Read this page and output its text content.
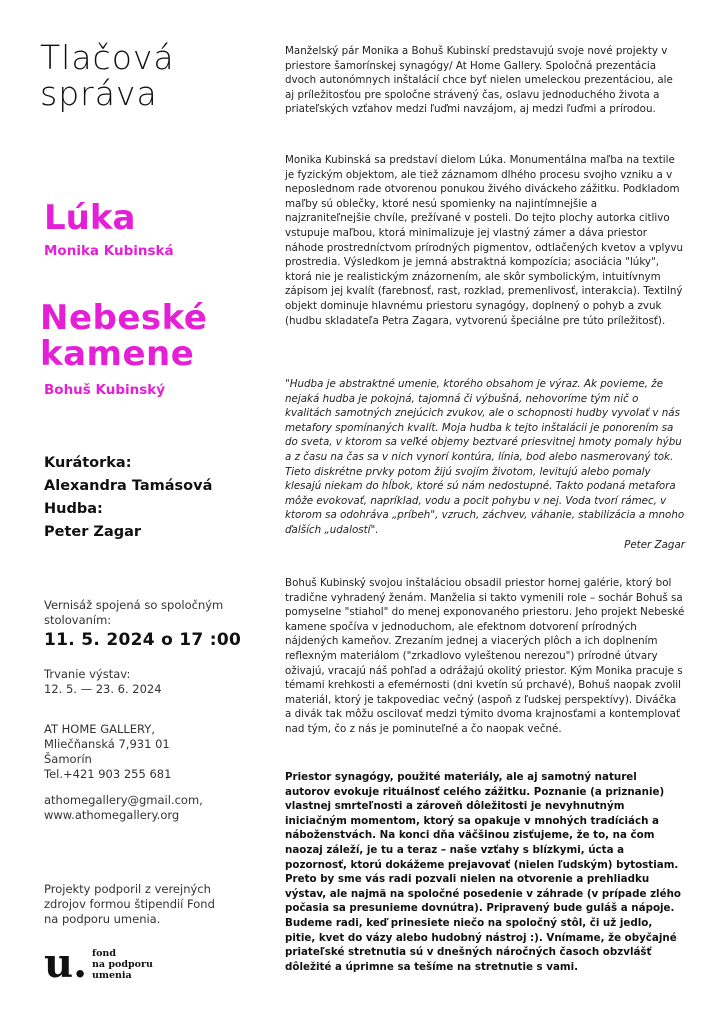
Tlačová správa
Lúka
Monika Kubinská
Nebeské kamene
Bohuš Kubinský
Kurátorka:
Alexandra Tamásová
Hudba:
Peter Zagar
Vernisáž spojená so spoločným stolovaním:
11. 5. 2024 o 17 :00
Trvanie výstav:
12. 5. — 23. 6. 2024
AT HOME GALLERY,
Mliečňanská 7,931 01
Šamorín
Tel.+421 903 255 681
athomegallery@gmail.com,
www.athomegallery.org
Projekty podporil z verejných zdrojov formou štipendií Fond na podporu umenia.
u. fond
na podporu
umenia

Manželský pár Monika a Bohuš Kubinskí predstavujú svoje nové projekty v priestore šamorínskej synagógy/ At Home Gallery. Spoločná prezentácia dvoch autonómnych inštalácií chce byť nielen umeleckou prezentáciou, ale aj príležitosťou pre spoločne strávený čas, oslavu jednoduchého života a priateľských vzťahov medzi ľuďmi navzájom, aj medzi ľuďmi a prírodou.

Monika Kubinská sa predstaví dielom Lúka. Monumentálna maľba na textile je fyzickým objektom, ale tiež záznamom dlhého procesu svojho vzniku a v neposlednom rade otvorenou ponukou živého diváckeho zážitku. Podkladom maľby sú oblečky, ktoré nesú spomienky na najintímnejšie a najzraniteľnejšie chvíle, prežívané v posteli. Do tejto plochy autorka citlivo vstupuje maľbou, ktorá minimalizuje jej vlastný zámer a dáva priestor náhode prostredníctvom prírodných pigmentov, odtlačených kvetov a vplyvu prostredia. Výsledkom je jemná abstraktná kompozícia; asociácia "lúky", ktorá nie je realistickým znázornením, ale skôr symbolickým, intuitívnym zápisom jej kvalít (farebnosť, rast, rozklad, premenlivosť, interakcia). Textilný objekt dominuje hlavnému priestoru synagógy, doplnený o pohyb a zvuk (hudbu skladateľa Petra Zagara, vytvorenú špeciálne pre túto príležitosť).

"Hudba je abstraktné umenie, ktorého obsahom je výraz. Ak povieme, že nejaká hudba je pokojná, tajomná či výbušná, nehovoríme tým nič o kvalitách samotných znejúcich zvukov, ale o schopnosti hudby vyvolať v nás metafory spomínaných kvalít. Moja hudba k tejto inštalácii je ponorením sa do sveta, v ktorom sa veľké objemy beztvaré priesvitnej hmoty pomaly hýbu a z času na čas sa v nich vynorí kontúra, línia, bod alebo nasmerovaný tok. Tieto diskrétne prvky potom žijú svojím životom, levitujú alebo pomaly klesajú niekam do hĺbok, ktoré sú nám nedostupné. Takto podaná metafora môže evokovať, napríklad, vodu a pocit pohybu v nej. Voda tvorí rámec, v ktorom sa odohráva „príbeh", vzruch, záchvev, váhanie, stabilizácia a mnoho ďalších „udalostí".
Peter Zagar

Bohuš Kubinský svojou inštaláciou obsadil priestor hornej galérie, ktorý bol tradične vyhradený ženám. Manželia si takto vymenili role – sochár Bohuš sa pomyselne "stiahol" do menej exponovaného priestoru. Jeho projekt Nebeské kamene spočíva v jednoduchom, ale efektnom dotvorení prírodných nájdených kameňov. Zrezaním jednej a viacerých plôch a ich doplnením reflexným materiálom ("zrkadlovo vyleštenou nerezou") prírodné útvary oživajú, vracajú náš pohľad a odrážajú okolitý priestor. Kým Monika pracuje s témami krehkosti a efemérnosti (dni kvetín sú prchavé), Bohuš naopak zvolil materiál, ktorý je takpovediac večný (aspoň z ľudskej perspektívy). Diváčka a divák tak môžu oscilovať medzi týmito dvoma krajnosťami a kontemplovať nad tým, čo z nás je pominuteľné a čo naopak večné.

Priestor synagógy, použité materiály, ale aj samotný naturel autorov evokuje rituálnosť celého zážitku. Poznanie (a priznanie) vlastnej smrteľnosti a zároveň dôležitosti je nevyhnutným iniciačným momentom, ktorý sa opakuje v mnohých tradíciách a náboženstvách. Na konci dňa väčšinou zisťujeme, že to, na čom naozaj záleží, je tu a teraz – naše vzťahy s blízkymi, úcta a pozornosť, ktorú dokážeme prejavovať (nielen ľudským) bytostiam. Preto by sme vás radi pozvali nielen na otvorenie a prehliadku výstav, ale najmä na spoločné posedenie v záhrade (v prípade zlého počasia sa presunieme dovnútra). Pripravený bude guláš a nápoje. Budeme radi, keď prinesiete niečo na spoločný stôl, či už jedlo, pitie, kvet do vázy alebo hudobný nástroj :). Vnímame, že obyčajné priateľské stretnutia sú v dnešných náročných časoch obzvlášť dôležité a úprimne sa tešíme na stretnutie s vami.
